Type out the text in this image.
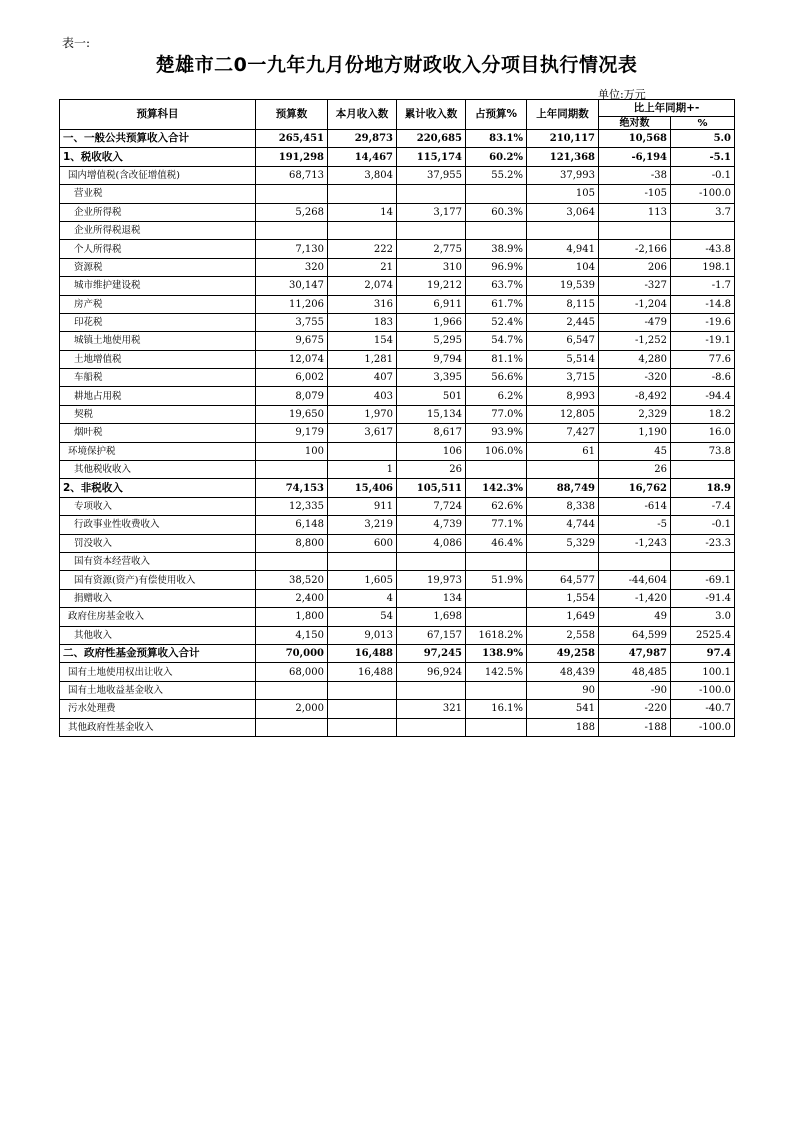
表一:
楚雄市二0一九年九月份地方财政收入分项目执行情况表
单位:万元
预算科目	预算数	本月收入数	累计收入数	占预算%	上年同期数	比上年同期+-	
						绝对数	%
一、一般公共预算收入合计	265,451	29,873	220,685	83.1%	210,117	10,568	5.0
1、税收收入	191,298	14,467	115,174	60.2%	121,368	-6,194	-5.1
国内增值税(含改征增值税)	68,713	3,804	37,955	55.2%	37,993	-38	-0.1
营业税					105	-105	-100.0
企业所得税	5,268	14	3,177	60.3%	3,064	113	3.7
企业所得税退税							
个人所得税	7,130	222	2,775	38.9%	4,941	-2,166	-43.8
资源税	320	21	310	96.9%	104	206	198.1
城市维护建设税	30,147	2,074	19,212	63.7%	19,539	-327	-1.7
房产税	11,206	316	6,911	61.7%	8,115	-1,204	-14.8
印花税	3,755	183	1,966	52.4%	2,445	-479	-19.6
城镇土地使用税	9,675	154	5,295	54.7%	6,547	-1,252	-19.1
土地增值税	12,074	1,281	9,794	81.1%	5,514	4,280	77.6
车船税	6,002	407	3,395	56.6%	3,715	-320	-8.6
耕地占用税	8,079	403	501	6.2%	8,993	-8,492	-94.4
契税	19,650	1,970	15,134	77.0%	12,805	2,329	18.2
烟叶税	9,179	3,617	8,617	93.9%	7,427	1,190	16.0
环境保护税	100		106	106.0%	61	45	73.8
其他税收收入		1	26			26	
2、非税收入	74,153	15,406	105,511	142.3%	88,749	16,762	18.9
专项收入	12,335	911	7,724	62.6%	8,338	-614	-7.4
行政事业性收费收入	6,148	3,219	4,739	77.1%	4,744	-5	-0.1
罚没收入	8,800	600	4,086	46.4%	5,329	-1,243	-23.3
国有资本经营收入							
国有资源(资产)有偿使用收入	38,520	1,605	19,973	51.9%	64,577	-44,604	-69.1
捐赠收入	2,400	4	134		1,554	-1,420	-91.4
政府住房基金收入	1,800	54	1,698		1,649	49	3.0
其他收入	4,150	9,013	67,157	1618.2%	2,558	64,599	2525.4
二、政府性基金预算收入合计	70,000	16,488	97,245	138.9%	49,258	47,987	97.4
国有土地使用权出让收入	68,000	16,488	96,924	142.5%	48,439	48,485	100.1
国有土地收益基金收入					90	-90	-100.0
污水处理费	2,000		321	16.1%	541	-220	-40.7
其他政府性基金收入					188	-188	-100.0
